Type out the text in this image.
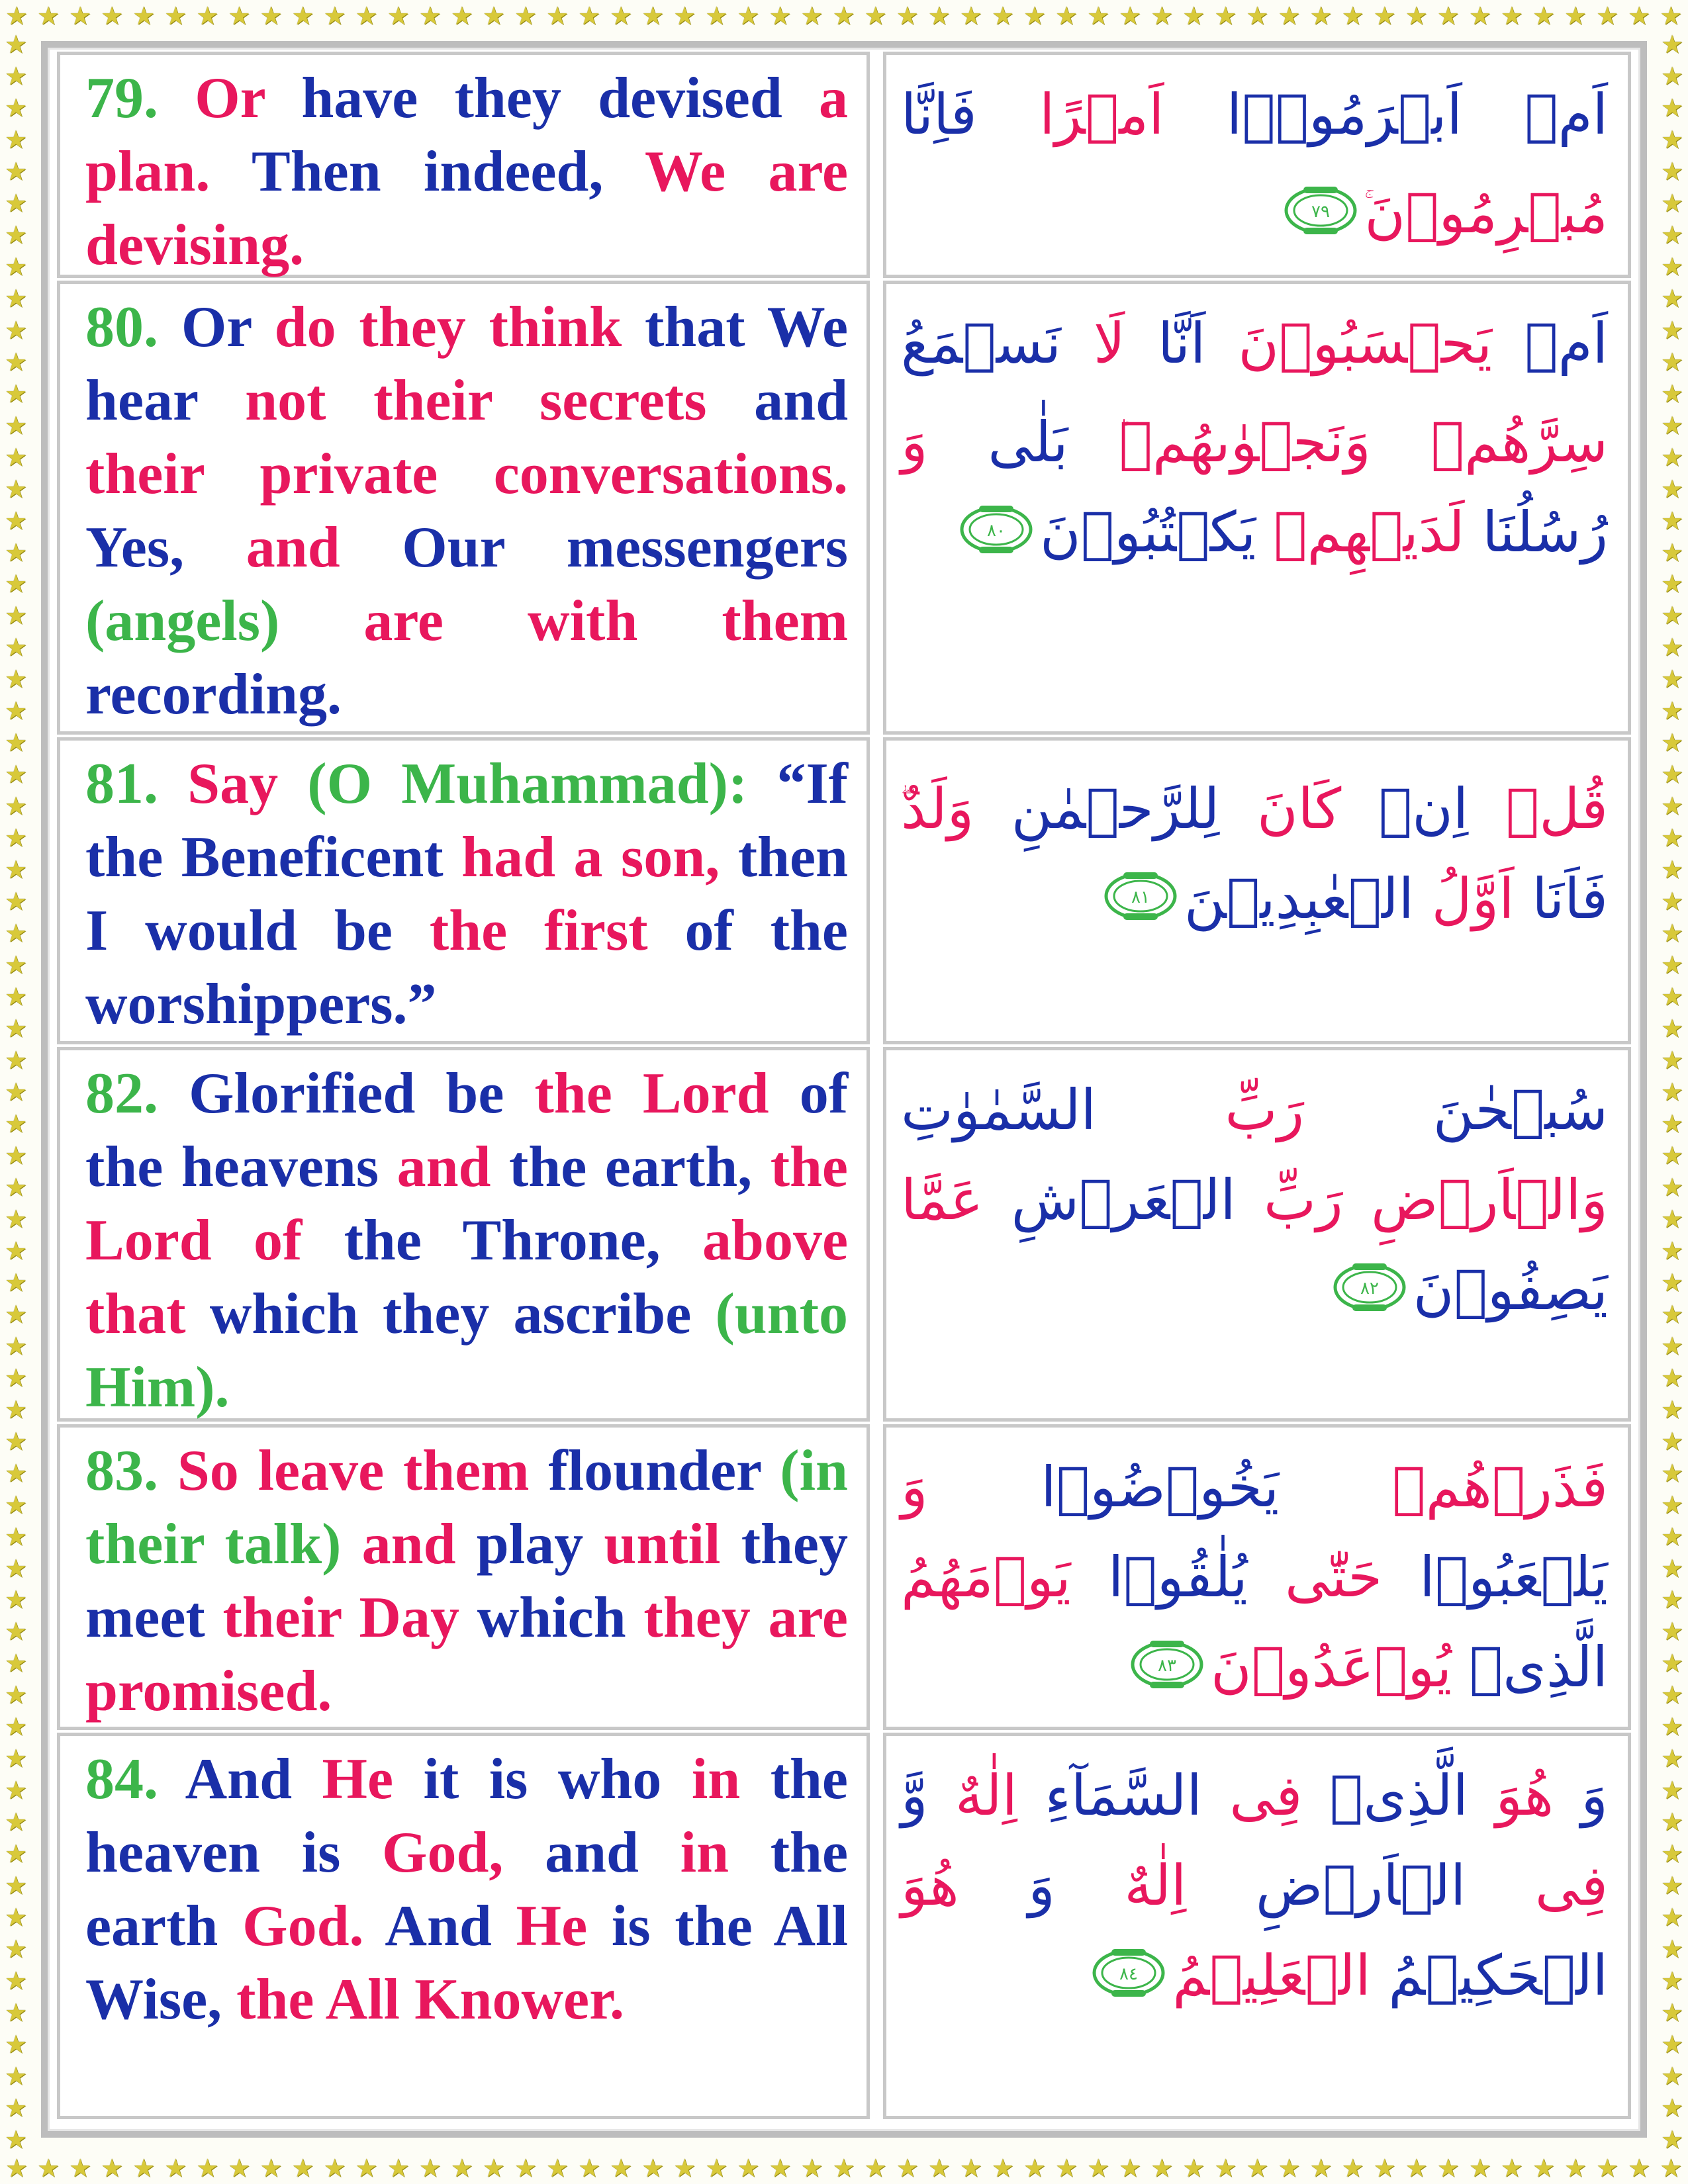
★ ★ ★ ★ ★ ★ ★ ★ ★ ★ ★ ★ ★ ★ ★ ★ ★ ★ ★ ★ ★ ★ ★ ★ ★ ★ ★ ★ ★ ★ ★ ★ ★ ★ ★ ★ ★ ★ ★ ★ ★ ★ ★ ★ ★ ★ ★ ★ ★ ★ ★ ★ ★
★ ★ ★ ★ ★ ★ ★ ★ ★ ★ ★ ★ ★ ★ ★ ★ ★ ★ ★ ★ ★ ★ ★ ★ ★ ★ ★ ★ ★ ★ ★ ★ ★ ★ ★ ★ ★ ★ ★ ★ ★ ★ ★ ★ ★ ★ ★ ★ ★ ★ ★ ★ ★
★
★
★
★
★
★
★
★
★
★
★
★
★
★
★
★
★
★
★
★
★
★
★
★
★
★
★
★
★
★
★
★
★
★
★
★
★
★
★
★
★
★
★
★
★
★
★
★
★
★
★
★
★
★
★
★
★
★
★
★
★
★
★
★
★
★
★
★
★
★
★
★
★
★
★
★
★
★
★
★
★
★
★
★
★
★
★
★
★
★
★
★
★
★
★
★
★
★
★
★
★
★
★
★
★
★
★
★
★
★
★
★
★
★
★
★
★
★
★
★
★
★
★
★
★
★
★
★
★
★
★
★
★
★
79. Or have they devised a plan. Then indeed, We are devising.
اَمۡ اَبۡرَمُوۡۤا اَمۡرًا فَاِنَّا مُبۡرِمُوۡنَ
٧٩
80. Or do they think that We hear not their secrets and their private conversations. Yes, and Our messengers (angels) are with them recording.
اَمۡ يَحۡسَبُوۡنَ اَنَّا لَا نَسۡمَعُ سِرَّهُمۡ وَنَجۡوٰٮهُمۡؕ بَلٰى وَ رُسُلُنَا لَدَيۡهِمۡ يَكۡتُبُوۡنَ
٨٠
81. Say (O Muhammad): “If the Beneficent had a son, then I would be the first of the worshippers.”
قُلۡ اِنۡ كَانَ لِلرَّحۡمٰنِ وَلَدٌفَاَنَا اَوَّلُ الۡعٰبِدِيۡنَ
٨١
82. Glorified be the Lord of the heavens and the earth, the Lord of the Throne, above that which they ascribe (unto Him).
سُبۡحٰنَ رَبِّ السَّمٰوٰتِ وَالۡاَرۡضِ رَبِّ الۡعَرۡشِ عَمَّا يَصِفُوۡنَ
٨٢
83. So leave them flounder (in their talk) and play until they meet their Day which they are promised.
فَذَرۡهُمۡ يَخُوۡضُوۡا وَ يَلۡعَبُوۡا حَتّٰى يُلٰقُوۡا يَوۡمَهُمُ الَّذِىۡ يُوۡعَدُوۡنَ
٨٣
84. And He it is who in the heaven is God, and in the earth God. And He is the All Wise, the All Knower.
وَ هُوَ الَّذِىۡ فِى السَّمَآءِ اِلٰهٌ وَّ فِى الۡاَرۡضِ اِلٰهٌ وَ هُوَ الۡحَكِيۡمُ الۡعَلِيۡمُ
٨٤
